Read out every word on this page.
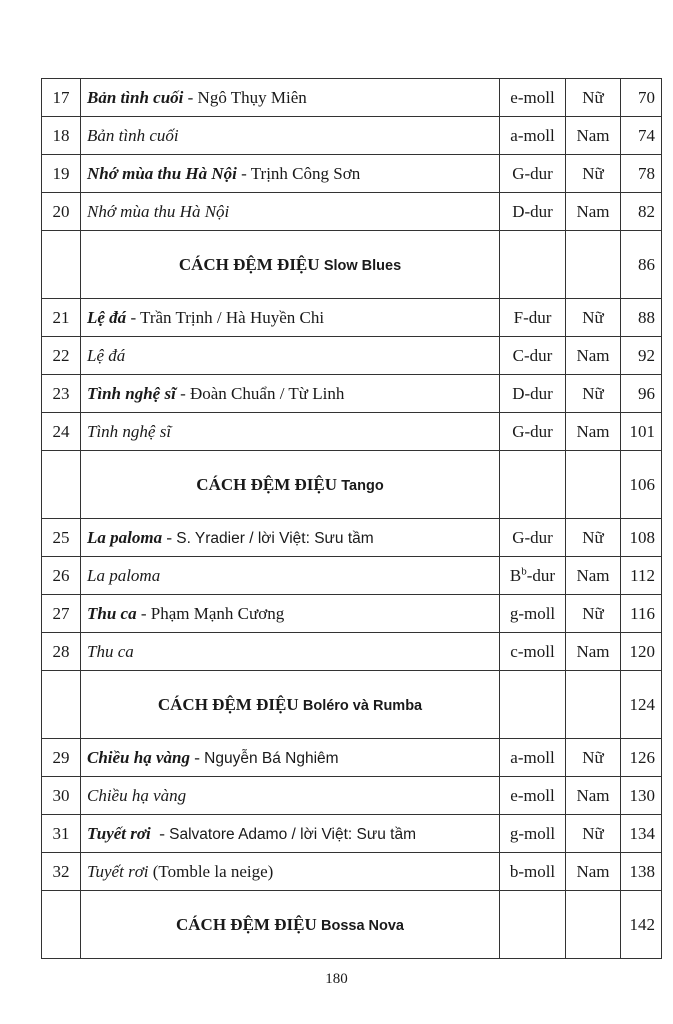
17	Bản tình cuối - Ngô Thụy Miên	e-moll	Nữ	70
18	Bản tình cuối	a-moll	Nam	74
19	Nhớ mùa thu Hà Nội - Trịnh Công Sơn	G-dur	Nữ	78
20	Nhớ mùa thu Hà Nội	D-dur	Nam	82
	CÁCH ĐỆM ĐIỆU Slow Blues			86
21	Lệ đá - Trần Trịnh / Hà Huyền Chi	F-dur	Nữ	88
22	Lệ đá	C-dur	Nam	92
23	Tình nghệ sĩ - Đoàn Chuẩn / Từ Linh	D-dur	Nữ	96
24	Tình nghệ sĩ	G-dur	Nam	101
	CÁCH ĐỆM ĐIỆU Tango			106
25	La paloma - S. Yradier / lời Việt: Sưu tầm	G-dur	Nữ	108
26	La paloma	$B^b$-dur	Nam	112
27	Thu ca - Phạm Mạnh Cương	g-moll	Nữ	116
28	Thu ca	c-moll	Nam	120
	CÁCH ĐỆM ĐIỆU Boléro và Rumba			124
29	Chiều hạ vàng - Nguyễn Bá Nghiêm	a-moll	Nữ	126
30	Chiều hạ vàng	e-moll	Nam	130
31	Tuyết rơi  - Salvatore Adamo / lời Việt: Sưu tầm	g-moll	Nữ	134
32	Tuyết rơi (Tomble la neige)	b-moll	Nam	138
	CÁCH ĐỆM ĐIỆU Bossa Nova			142
180
